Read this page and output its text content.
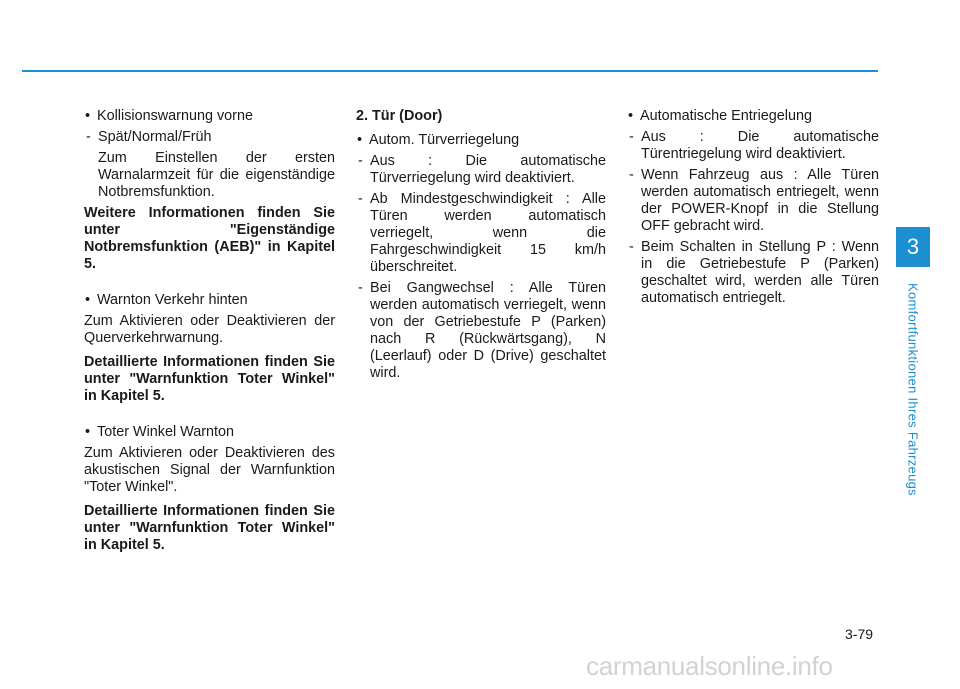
• Kollisionswarnung vorne

- Spät/Normal/Früh

Zum Einstellen der ersten Warnalarmzeit für die eigenständige Notbremsfunktion.

Weitere Informationen finden Sie unter "Eigenständige Notbremsfunktion (AEB)" in Kapitel 5.

• Warnton Verkehr hinten

Zum Aktivieren oder Deaktivieren der Querverkehrwarnung.

Detaillierte Informationen finden Sie unter "Warnfunktion Toter Winkel" in Kapitel 5.

• Toter Winkel Warnton

Zum Aktivieren oder Deaktivieren des akustischen Signal der Warnfunktion "Toter Winkel".

Detaillierte Informationen finden Sie unter "Warnfunktion Toter Winkel" in Kapitel 5.

2. Tür (Door)

• Autom. Türverriegelung

- Aus : Die automatische Türverriegelung wird deaktiviert.

- Ab Mindestgeschwindigkeit : Alle Türen werden automatisch verriegelt, wenn die Fahrgeschwindigkeit 15 km/h überschreitet.

- Bei Gangwechsel : Alle Türen werden automatisch verriegelt, wenn von der Getriebestufe P (Parken) nach R (Rückwärtsgang), N (Leerlauf) oder D (Drive) geschaltet wird.

• Automatische Entriegelung

- Aus : Die automatische Türentriegelung wird deaktiviert.

- Wenn Fahrzeug aus : Alle Türen werden automatisch entriegelt, wenn der POWER-Knopf in die Stellung OFF gebracht wird.

- Beim Schalten in Stellung P : Wenn in die Getriebestufe P (Parken) geschaltet wird, werden alle Türen automatisch entriegelt.

3
Komfortfunktionen Ihres Fahrzeugs
3-79
carmanualsonline.info
